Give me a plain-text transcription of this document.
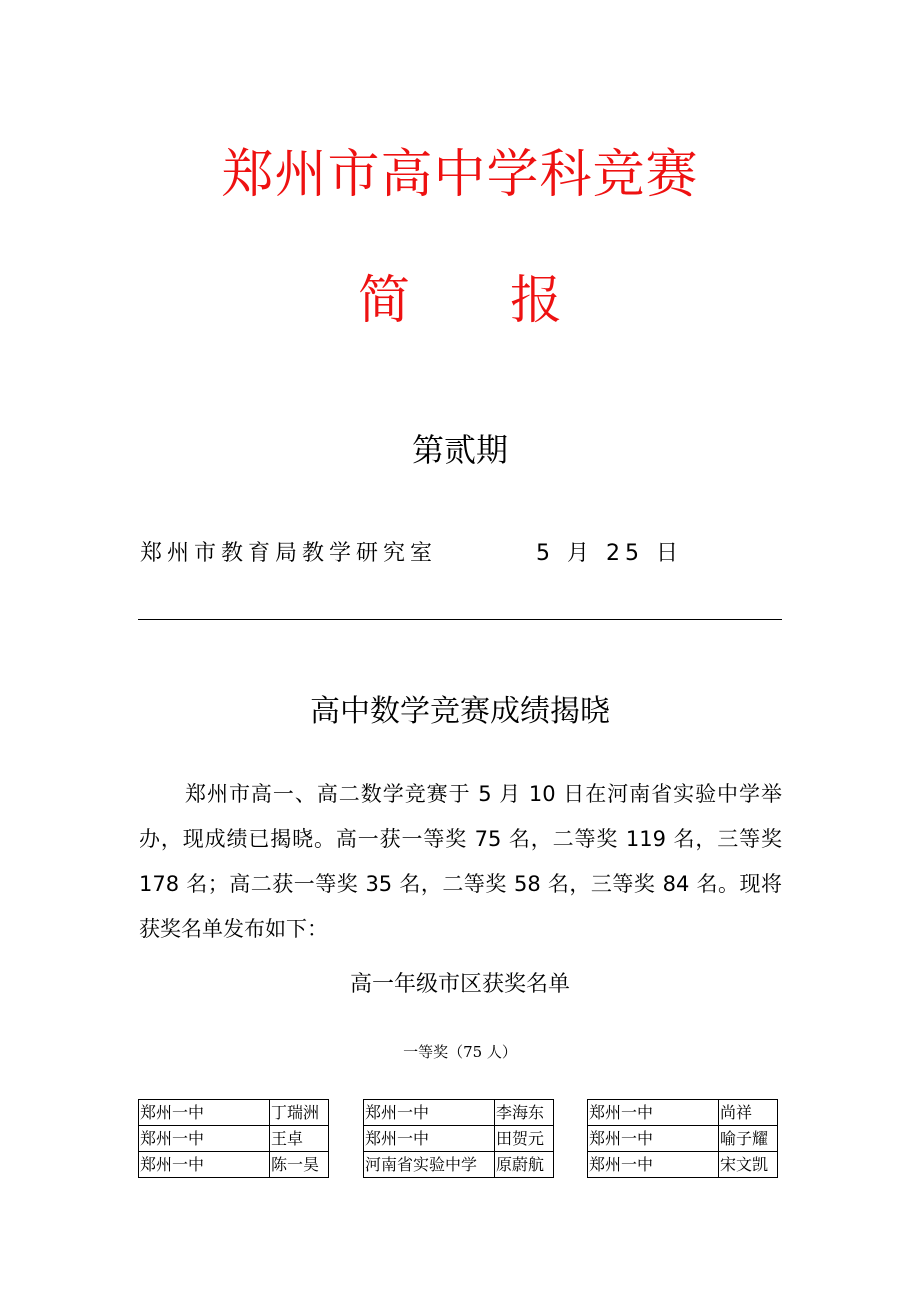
郑州市高中学科竞赛
简 报
第贰期
郑州市教育局教学研究室	5 月 25 日
高中数学竞赛成绩揭晓

郑州市高一、高二数学竞赛于 5 月 10 日在河南省实验中学举办，现成绩已揭晓。高一获一等奖 75 名，二等奖 119 名，三等奖 178 名；高二获一等奖 35 名，二等奖 58 名，三等奖 84 名。现将获奖名单发布如下：

高一年级市区获奖名单
一等奖（75 人）
郑州一中	丁瑞洲
郑州一中	王卓
郑州一中	陈一昊
郑州一中	李海东
郑州一中	田贺元
河南省实验中学	原蔚航
郑州一中	尚祥
郑州一中	喻子耀
郑州一中	宋文凯
